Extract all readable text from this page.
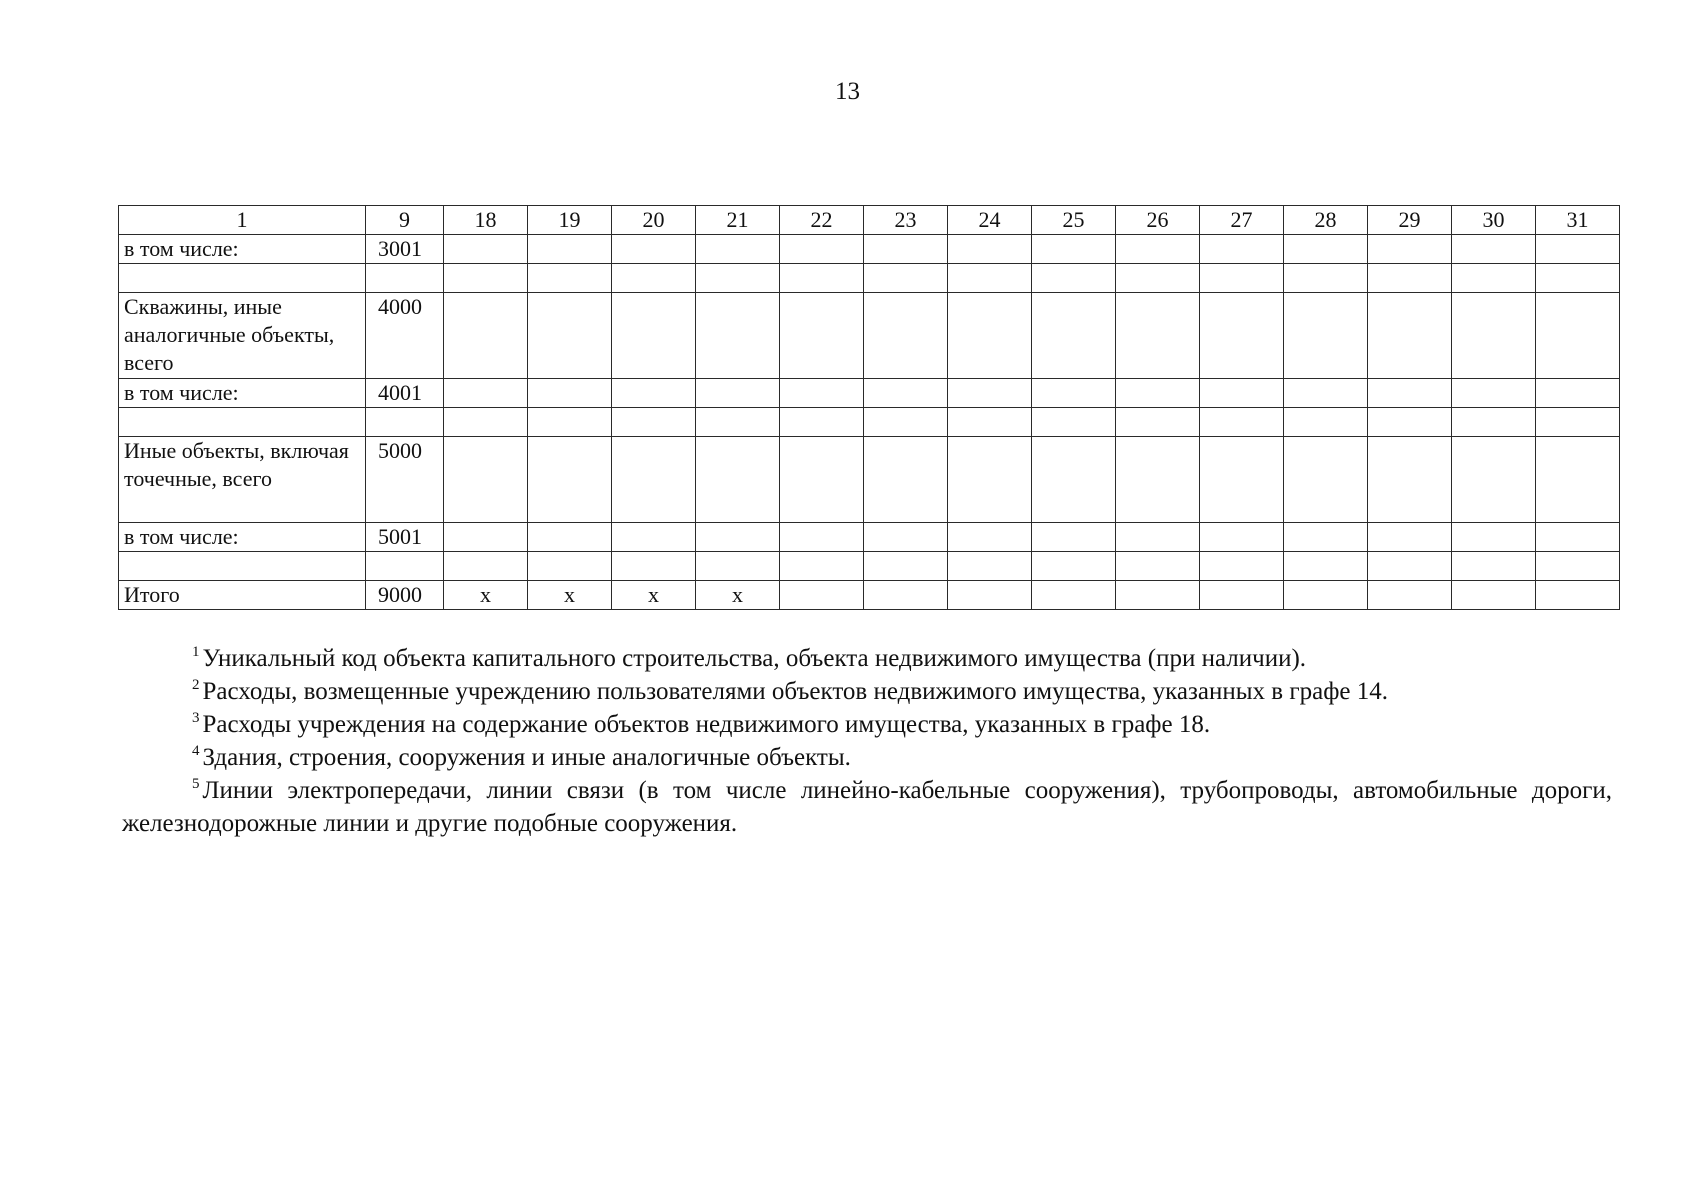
13
1	9	18	19	20	21	22	23	24	25	26	27	28	29	30	31
в том числе:	3001														

Скважины, иные аналогичные объекты, всего	4000														
в том числе:	4001														

Иные объекты, включая точечные, всего	5000														
в том числе:	5001														

Итого	9000	x	x	x	x										

$^1$ Уникальный код объекта капитального строительства, объекта недвижимого имущества (при наличии).

$^2$ Расходы, возмещенные учреждению пользователями объектов недвижимого имущества, указанных в графе 14.

$^3$ Расходы учреждения на содержание объектов недвижимого имущества, указанных в графе 18.

$^4$ Здания, строения, сооружения и иные аналогичные объекты.

$^5$ Линии электропередачи, линии связи (в том числе линейно-кабельные сооружения), трубопроводы, автомобильные дороги, железнодорожные линии и другие подобные сооружения.
